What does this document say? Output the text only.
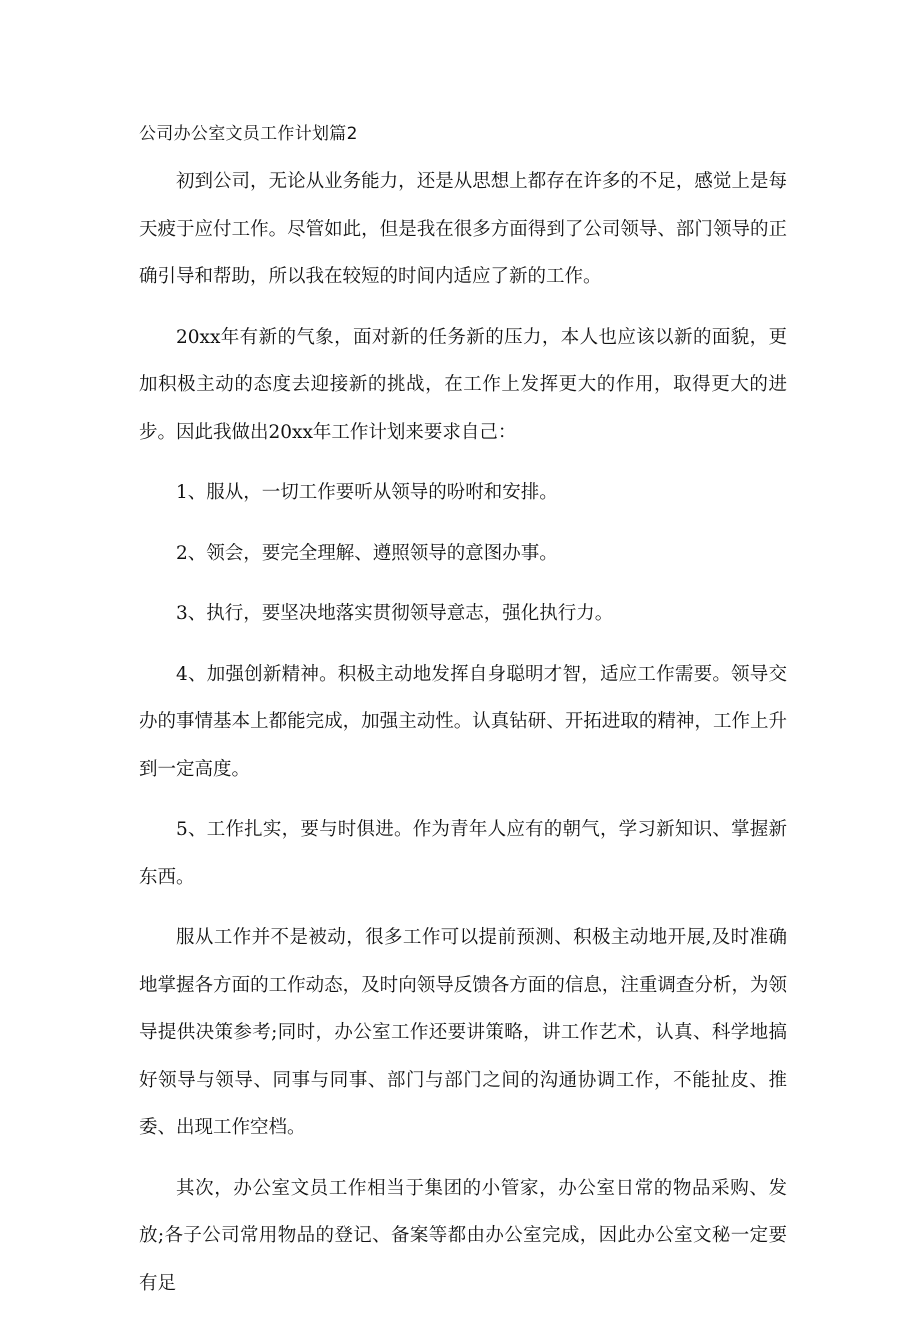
公司办公室文员工作计划篇2

初到公司，无论从业务能力，还是从思想上都存在许多的不足，感觉上是每天疲于应付工作。尽管如此，但是我在很多方面得到了公司领导、部门领导的正确引导和帮助，所以我在较短的时间内适应了新的工作。

20xx年有新的气象，面对新的任务新的压力，本人也应该以新的面貌，更加积极主动的态度去迎接新的挑战，在工作上发挥更大的作用，取得更大的进步。因此我做出20xx年工作计划来要求自己：

1、服从，一切工作要听从领导的吩咐和安排。

2、领会，要完全理解、遵照领导的意图办事。

3、执行，要坚决地落实贯彻领导意志，强化执行力。

4、加强创新精神。积极主动地发挥自身聪明才智，适应工作需要。领导交办的事情基本上都能完成，加强主动性。认真钻研、开拓进取的精神，工作上升到一定高度。

5、工作扎实，要与时俱进。作为青年人应有的朝气，学习新知识、掌握新东西。

服从工作并不是被动，很多工作可以提前预测、积极主动地开展,及时准确地掌握各方面的工作动态，及时向领导反馈各方面的信息，注重调查分析，为领导提供决策参考;同时，办公室工作还要讲策略，讲工作艺术，认真、科学地搞好领导与领导、同事与同事、部门与部门之间的沟通协调工作，不能扯皮、推委、出现工作空档。

其次，办公室文员工作相当于集团的小管家，办公室日常的物品采购、发放;各子公司常用物品的登记、备案等都由办公室完成，因此办公室文秘一定要有足
